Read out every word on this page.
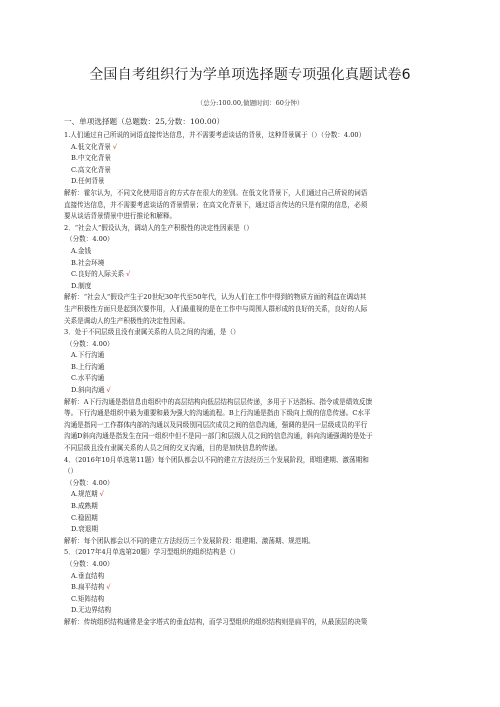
全国自考组织行为学单项选择题专项强化真题试卷6
（总分:100.00,做题时间：60分钟）
一、单项选择题（总题数：25,分数：100.00）
1.人们通过自己所说的词语直接传达信息，并不需要考虑谈话的背景，这种背景属于（）（分数：4.00）
A.低文化背景 √
B.中文化背景
C.高文化背景
D.任何背景
解析：霍尔认为，不同文化使用语言的方式存在很大的差别。在低文化背景下，人们通过自己所说的词语
直接传达信息，并不需要考虑谈话的背景情景；在高文化背景下，通过语言传达的只是有限的信息，必须
要从谈话背景情景中进行推论和解释。
2．“社会人”假设认为，调动人的生产积极性的决定性因素是（）
（分数：4.00）
A.金钱
B.社会环境
C.良好的人际关系 √
D.制度
解析：“社会人”假设产生于20世纪30年代至50年代，认为人们在工作中得到的物质方面的利益在调动其
生产积极性方面只是起到次要作用，人们最重视的是在工作中与周围人群形成的良好的关系，良好的人际
关系是调动人的生产积极性的决定性因素。
3．处于不同层级且没有隶属关系的人员之间的沟通，是（）
（分数：4.00）
A.下行沟通
B.上行沟通
C.水平沟通
D.斜向沟通 √
解析：A下行沟通是指信息由组织中的高层结构向低层结构层层传递，多用于下达指标、指令或是绩效反馈
等。下行沟通是组织中最为重要和最为强大的沟通流程。B上行沟通是指由下级向上级的信息传递。C水平
沟通是指同一工作群体内部的沟通以及同级别同层次成员之间的信息沟通，强调的是同一层级成员的平行
沟通D斜向沟通是指发生在同一组织中但不是同一部门和层级人员之间的信息沟通，斜向沟通强调的是处于
不同层级且没有隶属关系的人员之间的交叉沟通，目的是加快信息的传递。
4．（2016年10月单选第11题）每个团队都会以不同的建立方法经历三个发展阶段，即组建期、激荡期和
（）
（分数：4.00）
A.规范期 √
B.成熟期
C.稳固期
D.衰退期
解析：每个团队都会以不同的建立方法经历三个发展阶段：组建期、激荡期、规范期。
5．（2017年4月单选第20题）学习型组织的组织结构是（）
（分数：4.00）
A.垂直结构
B.扁平结构 √
C.矩阵结构
D.无边界结构
解析：传统组织结构通常是金字塔式的垂直结构，而学习型组织的组织结构则是扁平的，从最顶层的决策
